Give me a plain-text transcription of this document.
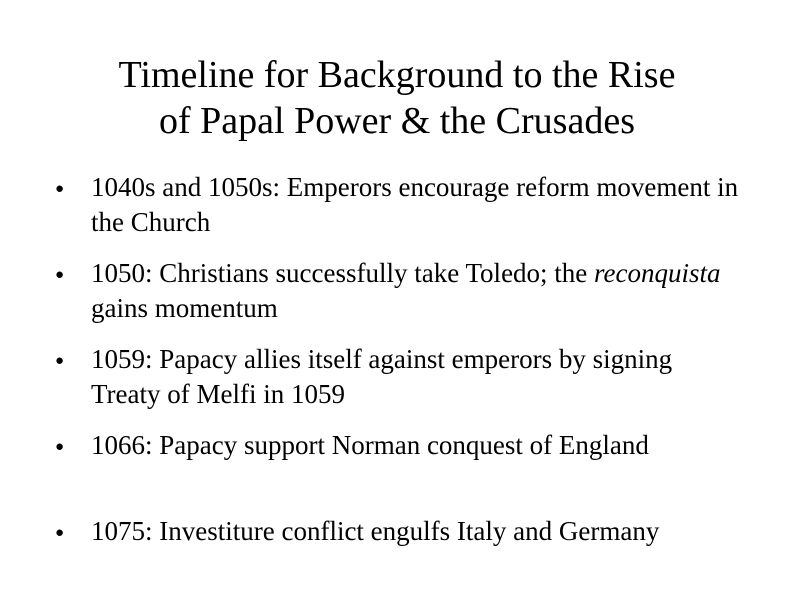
Timeline for Background to the Rise
of Papal Power & the Crusades
● 1040s and 1050s: Emperors encourage reform movement in the Church
● 1050: Christians successfully take Toledo; the reconquista gains momentum
● 1059: Papacy allies itself against emperors by signing Treaty of Melfi in 1059
● 1066: Papacy support Norman conquest of England
● 1075: Investiture conflict engulfs Italy and Germany
